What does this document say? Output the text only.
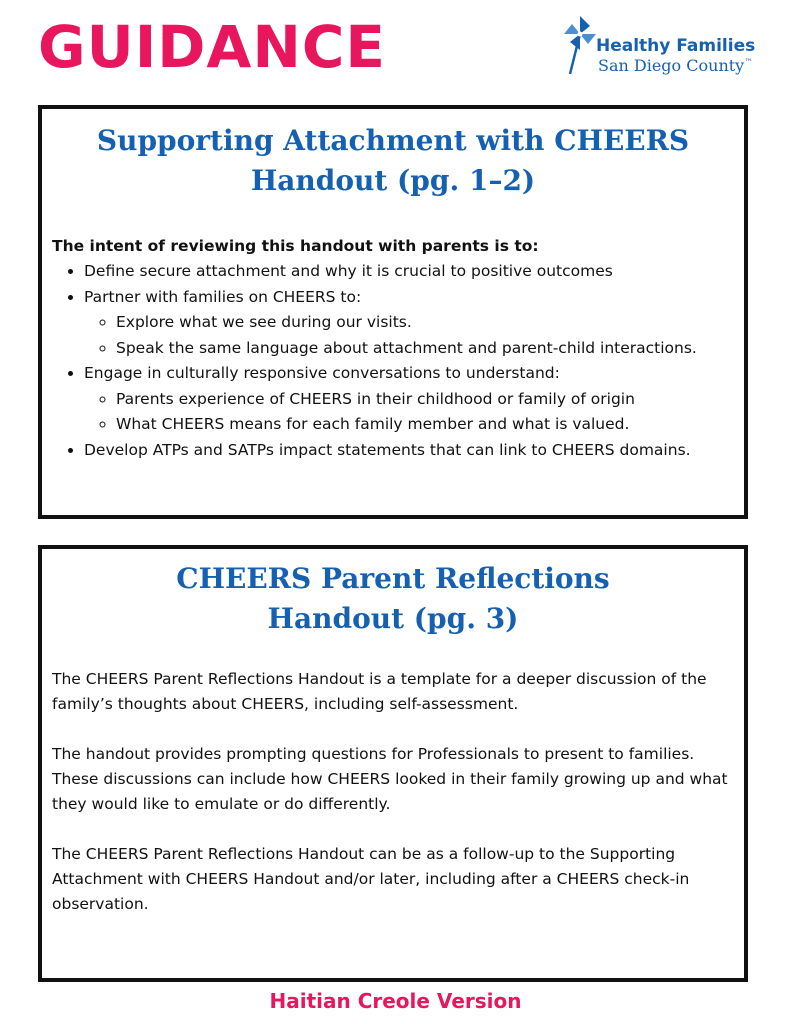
GUIDANCE	Healthy Families
San Diego County™
Supporting Attachment with CHEERS
Handout (pg. 1–2)
The intent of reviewing this handout with parents is to:
• Define secure attachment and why it is crucial to positive outcomes
• Partner with families on CHEERS to:
◦ Explore what we see during our visits.
◦ Speak the same language about attachment and parent-child interactions.
• Engage in culturally responsive conversations to understand:
◦ Parents experience of CHEERS in their childhood or family of origin
◦ What CHEERS means for each family member and what is valued.
• Develop ATPs and SATPs impact statements that can link to CHEERS domains.
CHEERS Parent Reflections
Handout (pg. 3)

The CHEERS Parent Reflections Handout is a template for a deeper discussion of the family’s thoughts about CHEERS, including self-assessment.

The handout provides prompting questions for Professionals to present to families. These discussions can include how CHEERS looked in their family growing up and what they would like to emulate or do differently.

The CHEERS Parent Reflections Handout can be as a follow-up to the Supporting Attachment with CHEERS Handout and/or later, including after a CHEERS check-in observation.

Haitian Creole Version
